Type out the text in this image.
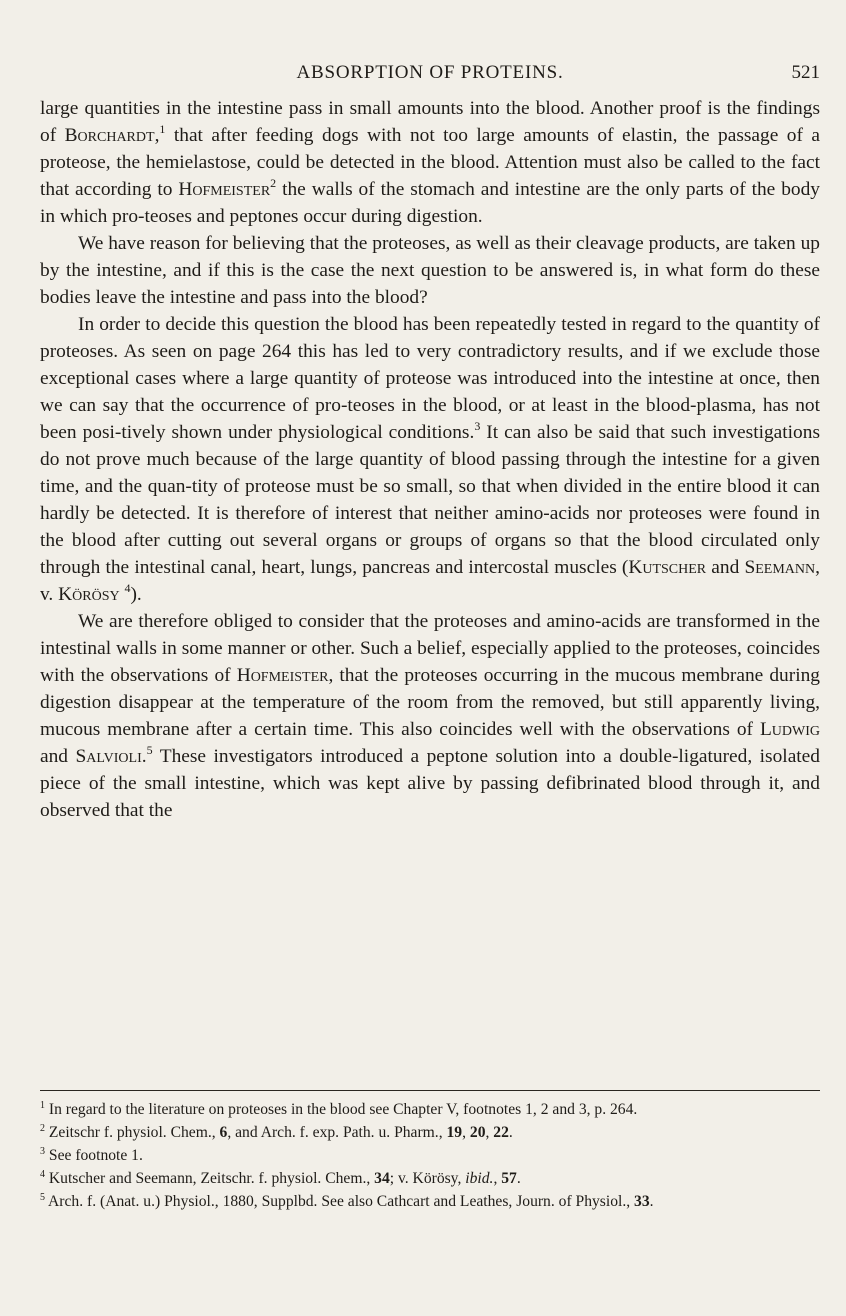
ABSORPTION OF PROTEINS.	521

large quantities in the intestine pass in small amounts into the blood. Another proof is the findings of Borchardt,$^1$ that after feeding dogs with not too large amounts of elastin, the passage of a proteose, the hemielastose, could be detected in the blood. Attention must also be called to the fact that according to Hofmeister$^2$ the walls of the stomach and intestine are the only parts of the body in which pro-teoses and peptones occur during digestion.

We have reason for believing that the proteoses, as well as their cleavage products, are taken up by the intestine, and if this is the case the next question to be answered is, in what form do these bodies leave the intestine and pass into the blood?

In order to decide this question the blood has been repeatedly tested in regard to the quantity of proteoses. As seen on page 264 this has led to very contradictory results, and if we exclude those exceptional cases where a large quantity of proteose was introduced into the intestine at once, then we can say that the occurrence of pro-teoses in the blood, or at least in the blood-plasma, has not been posi-tively shown under physiological conditions.$^3$ It can also be said that such investigations do not prove much because of the large quantity of blood passing through the intestine for a given time, and the quan-tity of proteose must be so small, so that when divided in the entire blood it can hardly be detected. It is therefore of interest that neither amino-acids nor proteoses were found in the blood after cutting out several organs or groups of organs so that the blood circulated only through the intestinal canal, heart, lungs, pancreas and intercostal muscles (Kutscher and Seemann, v. Körösy $^4$).

We are therefore obliged to consider that the proteoses and amino-acids are transformed in the intestinal walls in some manner or other. Such a belief, especially applied to the proteoses, coincides with the observations of Hofmeister, that the proteoses occurring in the mucous membrane during digestion disappear at the temperature of the room from the removed, but still apparently living, mucous membrane after a certain time. This also coincides well with the observations of Ludwig and Salvioli.$^5$ These investigators introduced a peptone solution into a double-ligatured, isolated piece of the small intestine, which was kept alive by passing defibrinated blood through it, and observed that the

$^1$ In regard to the literature on proteoses in the blood see Chapter V, footnotes 1, 2 and 3, p. 264.

$^2$ Zeitschr f. physiol. Chem., 6, and Arch. f. exp. Path. u. Pharm., 19, 20, 22.

$^3$ See footnote 1.

$^4$ Kutscher and Seemann, Zeitschr. f. physiol. Chem., 34; v. Körösy, ibid., 57.

$^5$ Arch. f. (Anat. u.) Physiol., 1880, Supplbd. See also Cathcart and Leathes, Journ. of Physiol., 33.
